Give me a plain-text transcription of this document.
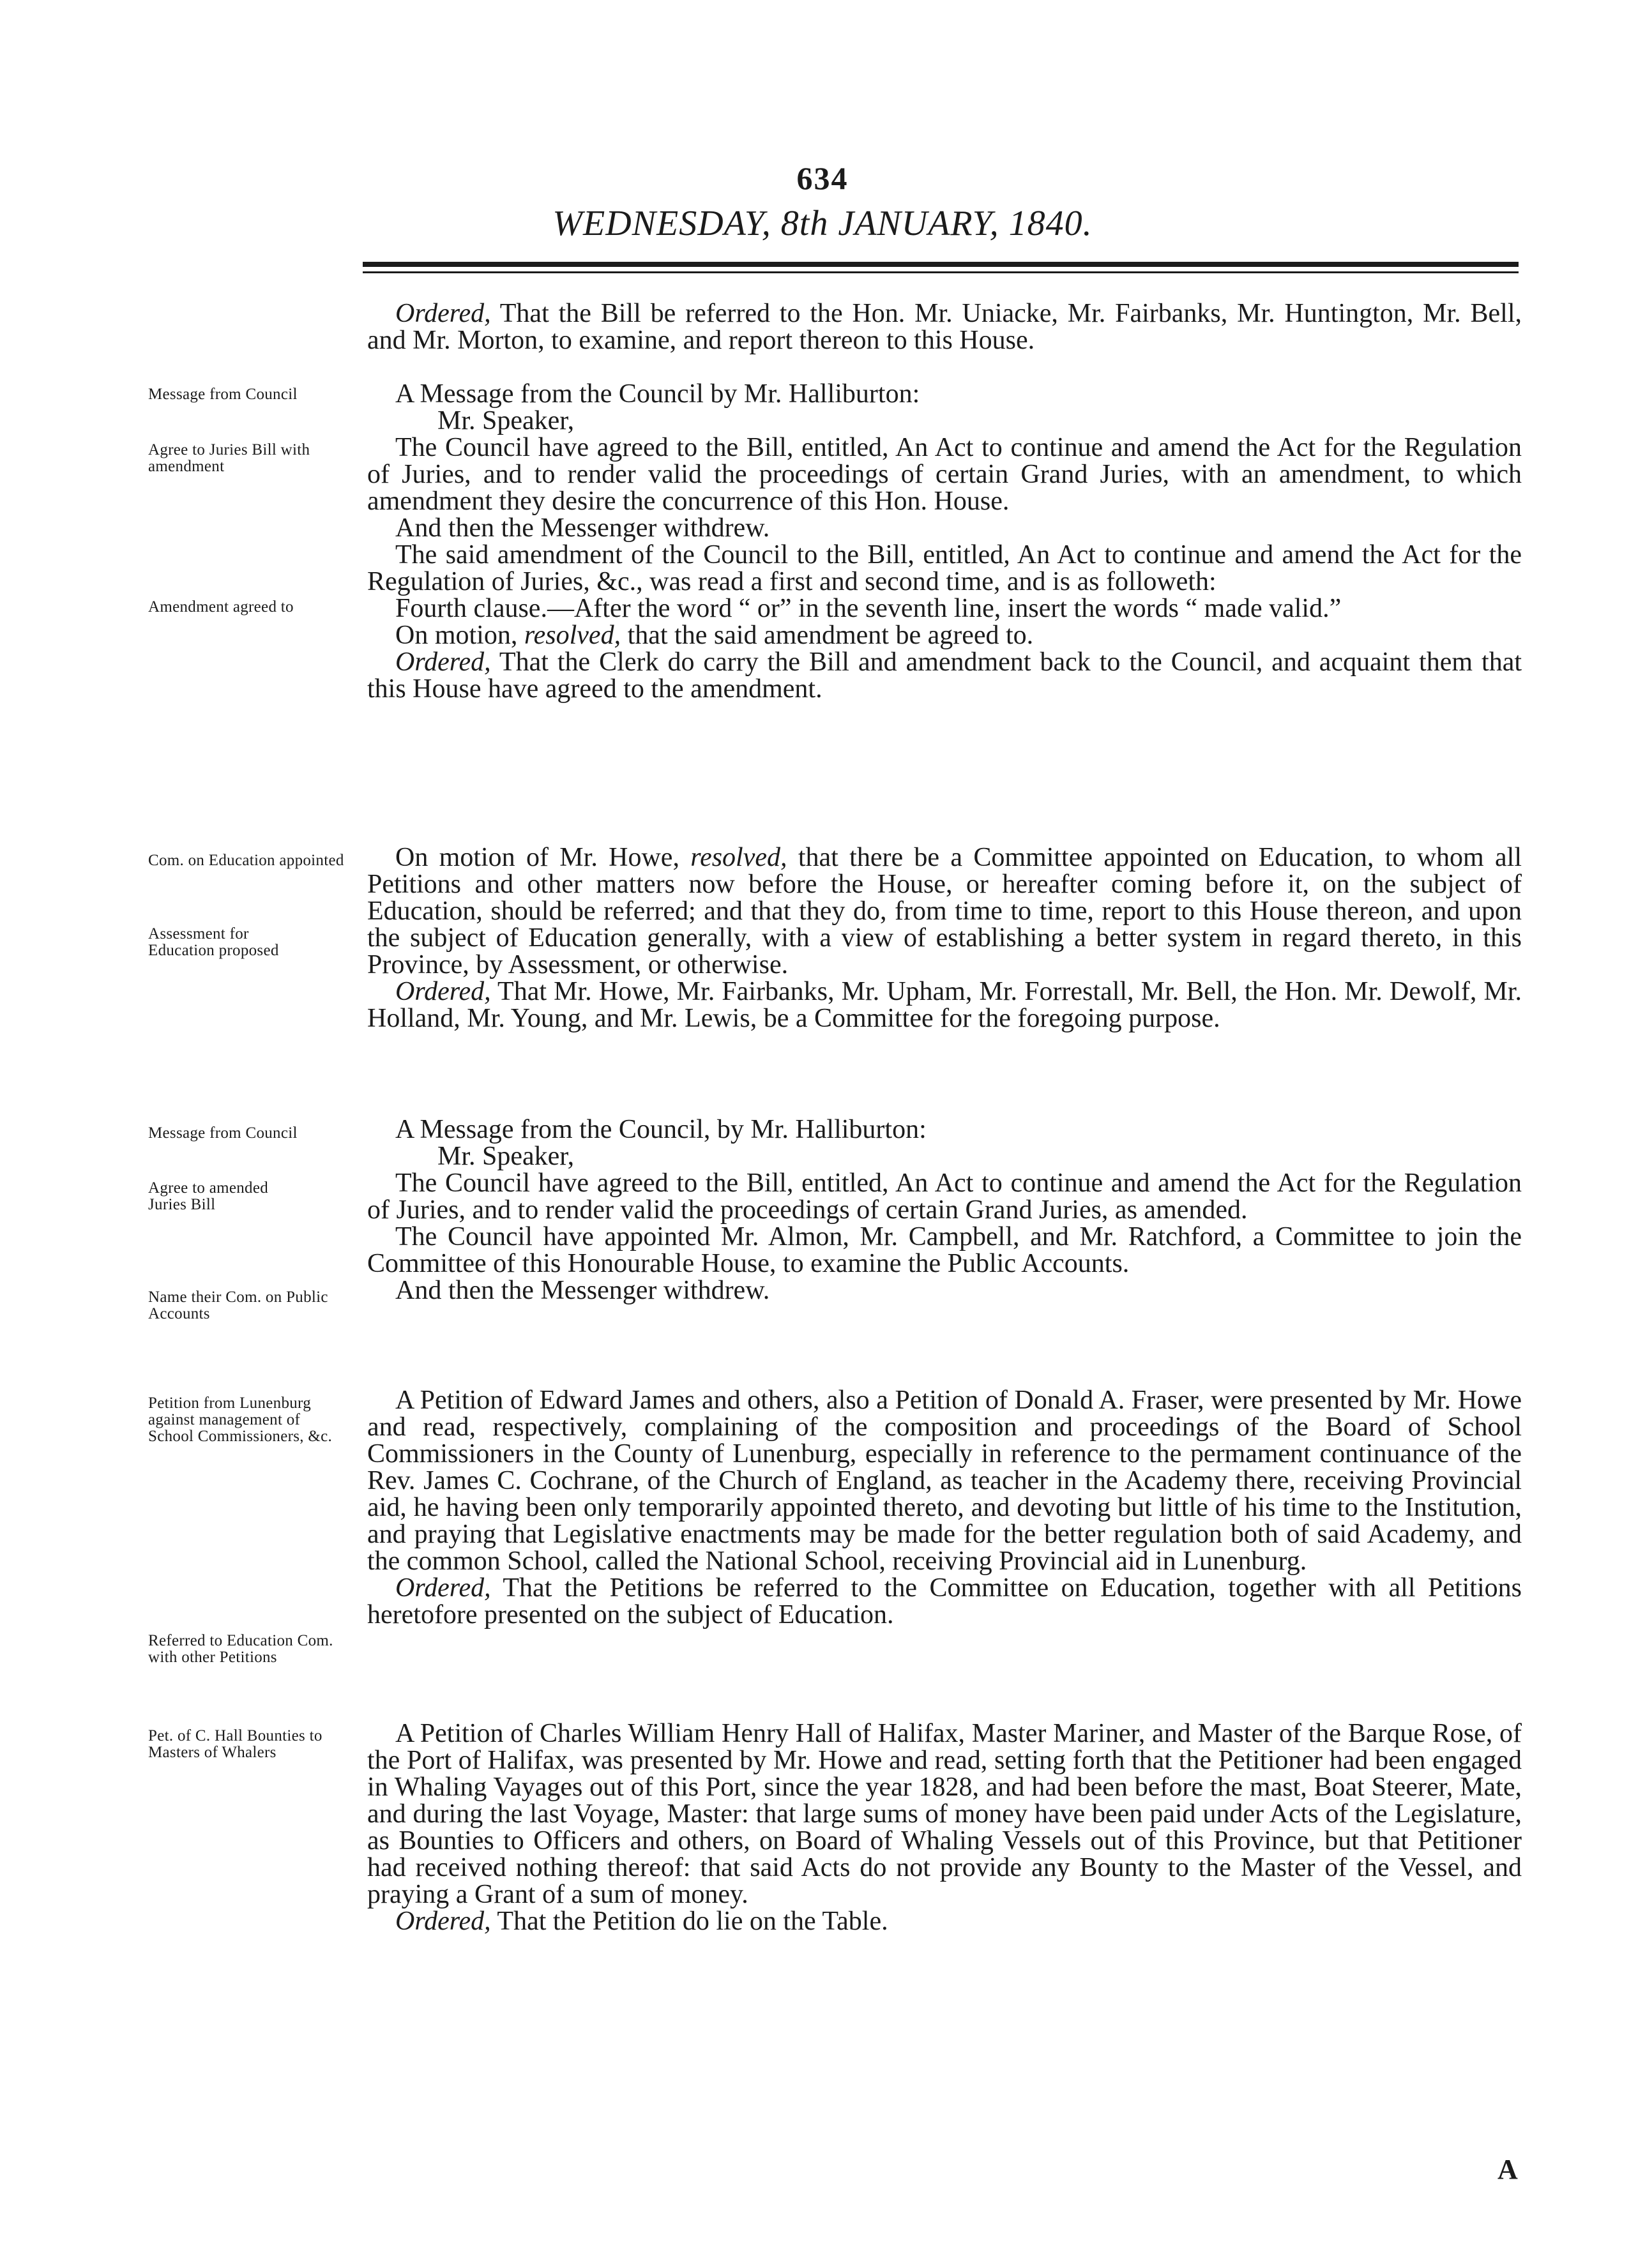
634
WEDNESDAY, 8th JANUARY, 1840.
Message from Council
Agree to Juries Bill with amendment
Amendment agreed to
Com. on Education appointed
Assessment for Education proposed
Message from Council
Agree to amended Juries Bill
Name their Com. on Public Accounts
Petition from Lunenburg against management of School Commissioners, &c.
Referred to Education Com. with other Petitions
Pet. of C. Hall Bounties to Masters of Whalers

Ordered, That the Bill be referred to the Hon. Mr. Uniacke, Mr. Fairbanks, Mr. Huntington, Mr. Bell, and Mr. Morton, to examine, and report thereon to this House.

A Message from the Council by Mr. Halliburton:

Mr. Speaker,

The Council have agreed to the Bill, entitled, An Act to continue and amend the Act for the Regulation of Juries, and to render valid the proceedings of certain Grand Juries, with an amendment, to which amendment they desire the concurrence of this Hon. House.

And then the Messenger withdrew.

The said amendment of the Council to the Bill, entitled, An Act to continue and amend the Act for the Regulation of Juries, &c., was read a first and second time, and is as followeth:

Fourth clause.—After the word “ or” in the seventh line, insert the words “ made valid.”

On motion, resolved, that the said amendment be agreed to.

Ordered, That the Clerk do carry the Bill and amendment back to the Council, and acquaint them that this House have agreed to the amendment.

On motion of Mr. Howe, resolved, that there be a Committee appointed on Education, to whom all Petitions and other matters now before the House, or hereafter coming before it, on the subject of Education, should be referred; and that they do, from time to time, report to this House thereon, and upon the subject of Education generally, with a view of establishing a better system in regard thereto, in this Province, by Assessment, or otherwise.

Ordered, That Mr. Howe, Mr. Fairbanks, Mr. Upham, Mr. Forrestall, Mr. Bell, the Hon. Mr. Dewolf, Mr. Holland, Mr. Young, and Mr. Lewis, be a Committee for the foregoing purpose.

A Message from the Council, by Mr. Halliburton:

Mr. Speaker,

The Council have agreed to the Bill, entitled, An Act to continue and amend the Act for the Regulation of Juries, and to render valid the proceedings of certain Grand Juries, as amended.

The Council have appointed Mr. Almon, Mr. Campbell, and Mr. Ratchford, a Committee to join the Committee of this Honourable House, to examine the Public Accounts.

And then the Messenger withdrew.

A Petition of Edward James and others, also a Petition of Donald A. Fraser, were presented by Mr. Howe and read, respectively, complaining of the composition and proceedings of the Board of School Commissioners in the County of Lunenburg, especially in reference to the permament continuance of the Rev. James C. Cochrane, of the Church of England, as teacher in the Academy there, receiving Provincial aid, he having been only temporarily appointed thereto, and devoting but little of his time to the Institution, and praying that Legislative enactments may be made for the better regulation both of said Academy, and the common School, called the National School, receiving Provincial aid in Lunenburg.

Ordered, That the Petitions be referred to the Committee on Education, together with all Petitions heretofore presented on the subject of Education.

A Petition of Charles William Henry Hall of Halifax, Master Mariner, and Master of the Barque Rose, of the Port of Halifax, was presented by Mr. Howe and read, setting forth that the Petitioner had been engaged in Whaling Vayages out of this Port, since the year 1828, and had been before the mast, Boat Steerer, Mate, and during the last Voyage, Master: that large sums of money have been paid under Acts of the Legislature, as Bounties to Officers and others, on Board of Whaling Vessels out of this Province, but that Petitioner had received nothing thereof: that said Acts do not provide any Bounty to the Master of the Vessel, and praying a Grant of a sum of money.

Ordered, That the Petition do lie on the Table.

A
